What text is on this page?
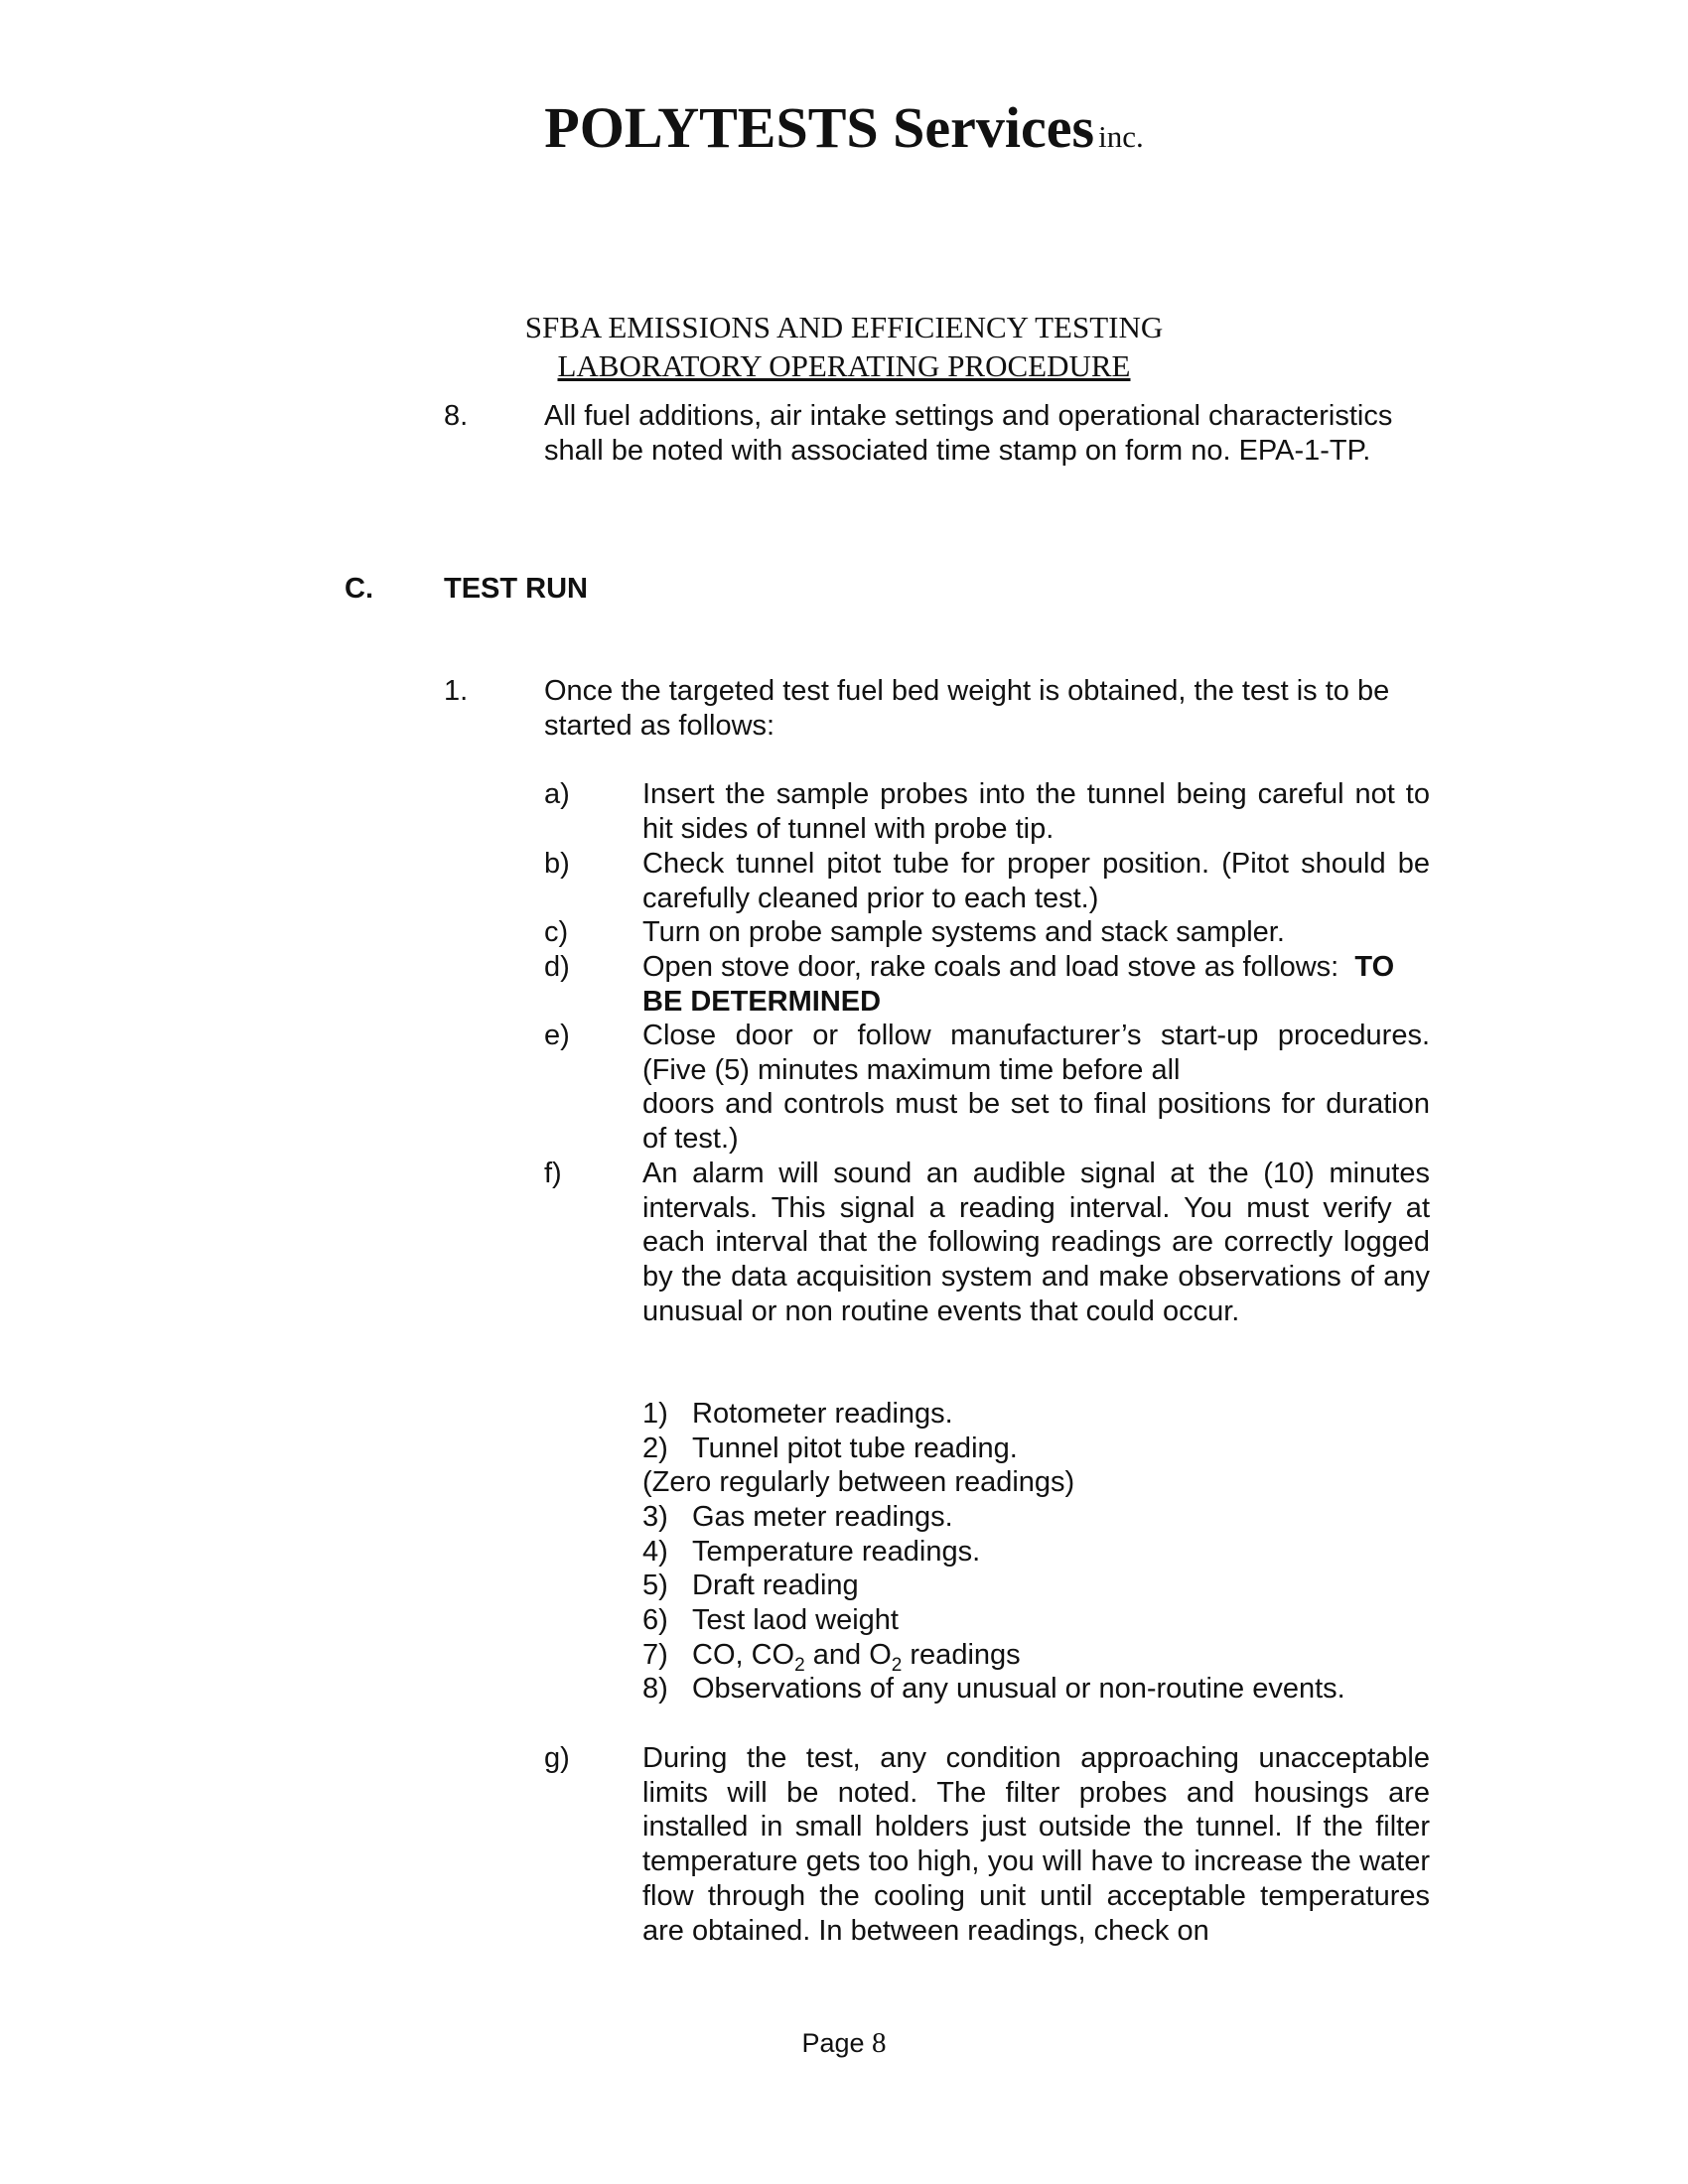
POLYTESTS Services inc.
SFBA EMISSIONS AND EFFICIENCY TESTING
LABORATORY OPERATING PROCEDURE
8.	All fuel additions, air intake settings and operational characteristics shall be noted with associated time stamp on form no. EPA-1-TP.
C. TEST RUN
1.	Once the targeted test fuel bed weight is obtained, the test is to be started as follows:
a)	Insert the sample probes into the tunnel being careful not to hit sides of tunnel with probe tip.
b)	Check tunnel pitot tube for proper position. (Pitot should be carefully cleaned prior to each test.)
c)	Turn on probe sample systems and stack sampler.
d)	Open stove door, rake coals and load stove as follows: TO BE DETERMINED
e)	Close door or follow manufacturer’s start-up procedures. (Five (5) minutes maximum time before all
doors and controls must be set to final positions for duration of test.)
f)	An alarm will sound an audible signal at the (10) minutes intervals. This signal a reading interval. You must verify at each interval that the following readings are correctly logged by the data acquisition system and make observations of any unusual or non routine events that could occur.
1) Rotometer readings.
2) Tunnel pitot tube reading.
(Zero regularly between readings)
3) Gas meter readings.
4) Temperature readings.
5) Draft reading
6) Test laod weight
7) CO, $CO_2$ and $O_2$ readings
8) Observations of any unusual or non-routine events.
g)	During the test, any condition approaching unacceptable limits will be noted. The filter probes and housings are installed in small holders just outside the tunnel. If the filter temperature gets too high, you will have to increase the water flow through the cooling unit until acceptable temperatures are obtained. In between readings, check on
Page 8
